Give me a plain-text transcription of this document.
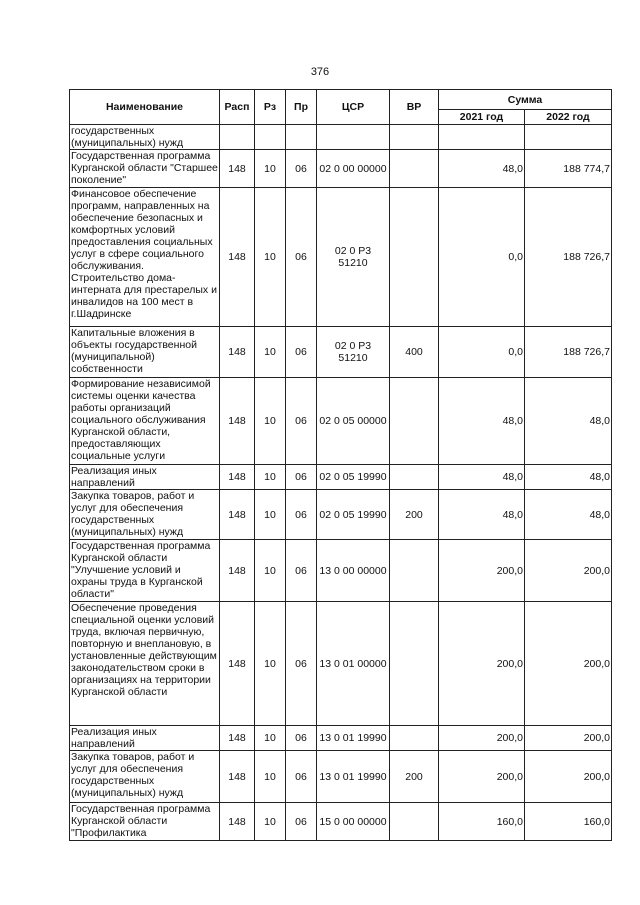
376
Наименование	Расп	Рз	Пр	ЦСР	ВР	Сумма	
						2021 год	2022 год
государственных (муниципальных) нужд							
Государственная программа Курганской области "Старшее поколение"	148	10	06	02 0 00 00000		48,0	188 774,7
Финансовое обеспечение программ, направленных на обеспечение безопасных и комфортных условий предоставления социальных услуг в сфере социального обслуживания. Строительство дома-интерната для престарелых и инвалидов на 100 мест в г.Шадринске	148	10	06	02 0 P3 51210		0,0	188 726,7
Капитальные вложения в объекты государственной (муниципальной) собственности	148	10	06	02 0 P3 51210	400	0,0	188 726,7
Формирование независимой системы оценки качества работы организаций социального обслуживания Курганской области, предоставляющих социальные услуги	148	10	06	02 0 05 00000		48,0	48,0
Реализация иных направлений	148	10	06	02 0 05 19990		48,0	48,0
Закупка товаров, работ и услуг для обеспечения государственных (муниципальных) нужд	148	10	06	02 0 05 19990	200	48,0	48,0
Государственная программа Курганской области "Улучшение условий и охраны труда в Курганской области"	148	10	06	13 0 00 00000		200,0	200,0
Обеспечение проведения специальной оценки условий труда, включая первичную, повторную и внеплановую, в установленные действующим законодательством сроки в организациях на территории Курганской области	148	10	06	13 0 01 00000		200,0	200,0
Реализация иных направлений	148	10	06	13 0 01 19990		200,0	200,0
Закупка товаров, работ и услуг для обеспечения государственных (муниципальных) нужд	148	10	06	13 0 01 19990	200	200,0	200,0
Государственная программа Курганской области "Профилактика	148	10	06	15 0 00 00000		160,0	160,0
